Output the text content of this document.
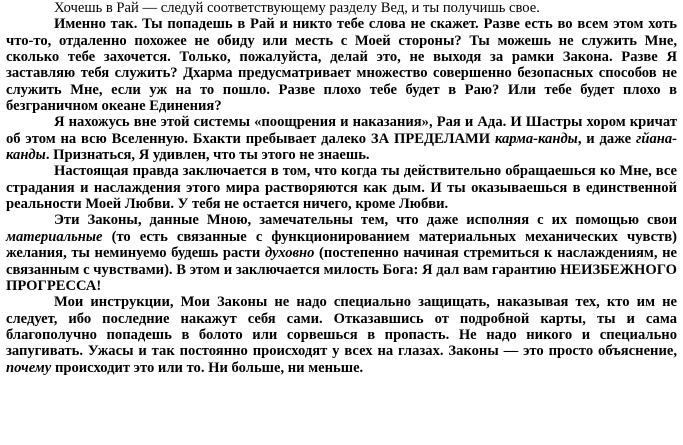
Хочешь в Рай — следуй соответствующему разделу Вед, и ты получишь свое.

Именно так. Ты попадешь в Рай и никто тебе слова не скажет. Разве есть во всем этом хоть что-то, отдаленно похожее не обиду или месть с Моей стороны? Ты можешь не служить Мне, сколько тебе захочется. Только, пожалуйста, делай это, не выходя за рамки Закона. Разве Я заставляю тебя служить? Дхарма предусматривает множество совершенно безопасных способов не служить Мне, если уж на то пошло. Разве плохо тебе будет в Раю? Или тебе будет плохо в безграничном океане Единения?

Я нахожусь вне этой системы «поощрения и наказания», Рая и Ада. И Шастры хором кричат об этом на всю Вселенную. Бхакти пребывает далеко ЗА ПРЕДЕЛАМИ карма-канды, и даже гйана-канды. Признаться, Я удивлен, что ты этого не знаешь.

Настоящая правда заключается в том, что когда ты действительно обращаешься ко Мне, все страдания и наслаждения этого мира растворяются как дым. И ты оказываешься в единственной реальности Моей Любви. У тебя не остается ничего, кроме Любви.

Эти Законы, данные Мною, замечательны тем, что даже исполняя с их помощью свои материальные (то есть связанные с функционированием материальных механических чувств) желания, ты неминуемо будешь расти духовно (постепенно начиная стремиться к наслаждениям, не связанным с чувствами). В этом и заключается милость Бога: Я дал вам гарантию НЕИЗБЕЖНОГО ПРОГРЕССА!

Мои инструкции, Мои Законы не надо специально защищать, наказывая тех, кто им не следует, ибо последние накажут себя сами. Отказавшись от подробной карты, ты и сама благополучно попадешь в болото или сорвешься в пропасть. Не надо никого и специально запугивать. Ужасы и так постоянно происходят у всех на глазах. Законы — это просто объяснение, почему происходит это или то. Ни больше, ни меньше.
